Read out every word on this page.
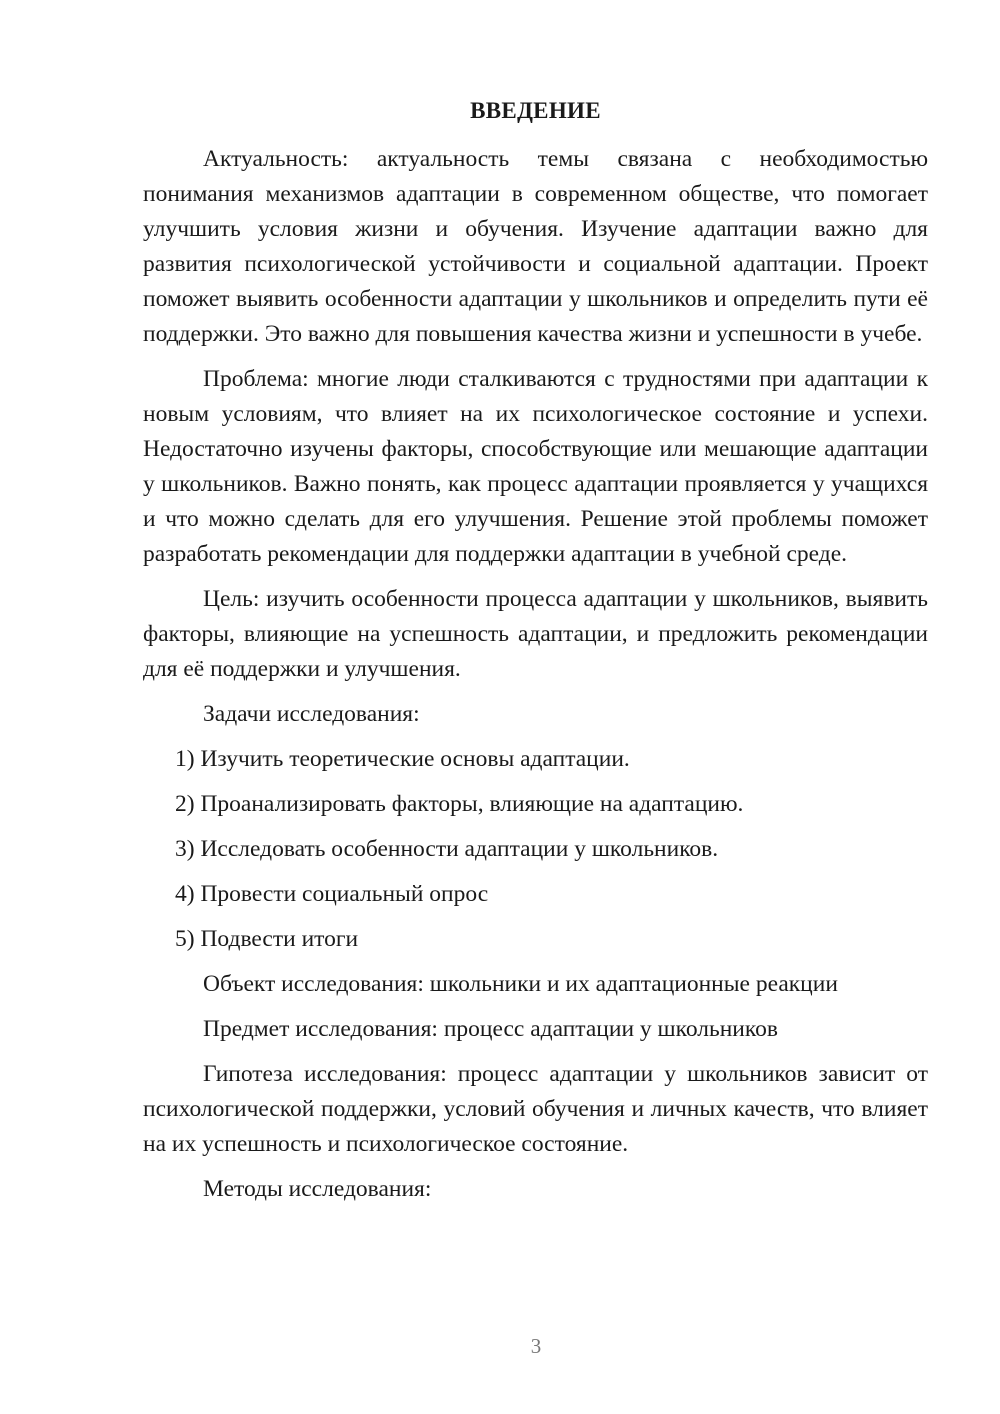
ВВЕДЕНИЕ

Актуальность: актуальность темы связана с необходимостью понимания механизмов адаптации в современном обществе, что помогает улучшить условия жизни и обучения. Изучение адаптации важно для развития психологической устойчивости и социальной адаптации. Проект поможет выявить особенности адаптации у школьников и определить пути её поддержки. Это важно для повышения качества жизни и успешности в учебе.

Проблема: многие люди сталкиваются с трудностями при адаптации к новым условиям, что влияет на их психологическое состояние и успехи. Недостаточно изучены факторы, способствующие или мешающие адаптации у школьников. Важно понять, как процесс адаптации проявляется у учащихся и что можно сделать для его улучшения. Решение этой проблемы поможет разработать рекомендации для поддержки адаптации в учебной среде.

Цель: изучить особенности процесса адаптации у школьников, выявить факторы, влияющие на успешность адаптации, и предложить рекомендации для её поддержки и улучшения.

Задачи исследования:

1) Изучить теоретические основы адаптации.
2) Проанализировать факторы, влияющие на адаптацию.
3) Исследовать особенности адаптации у школьников.
4) Провести социальный опрос
5) Подвести итоги

Объект исследования: школьники и их адаптационные реакции

Предмет исследования: процесс адаптации у школьников

Гипотеза исследования: процесс адаптации у школьников зависит от психологической поддержки, условий обучения и личных качеств, что влияет на их успешность и психологическое состояние.

Методы исследования:

3
